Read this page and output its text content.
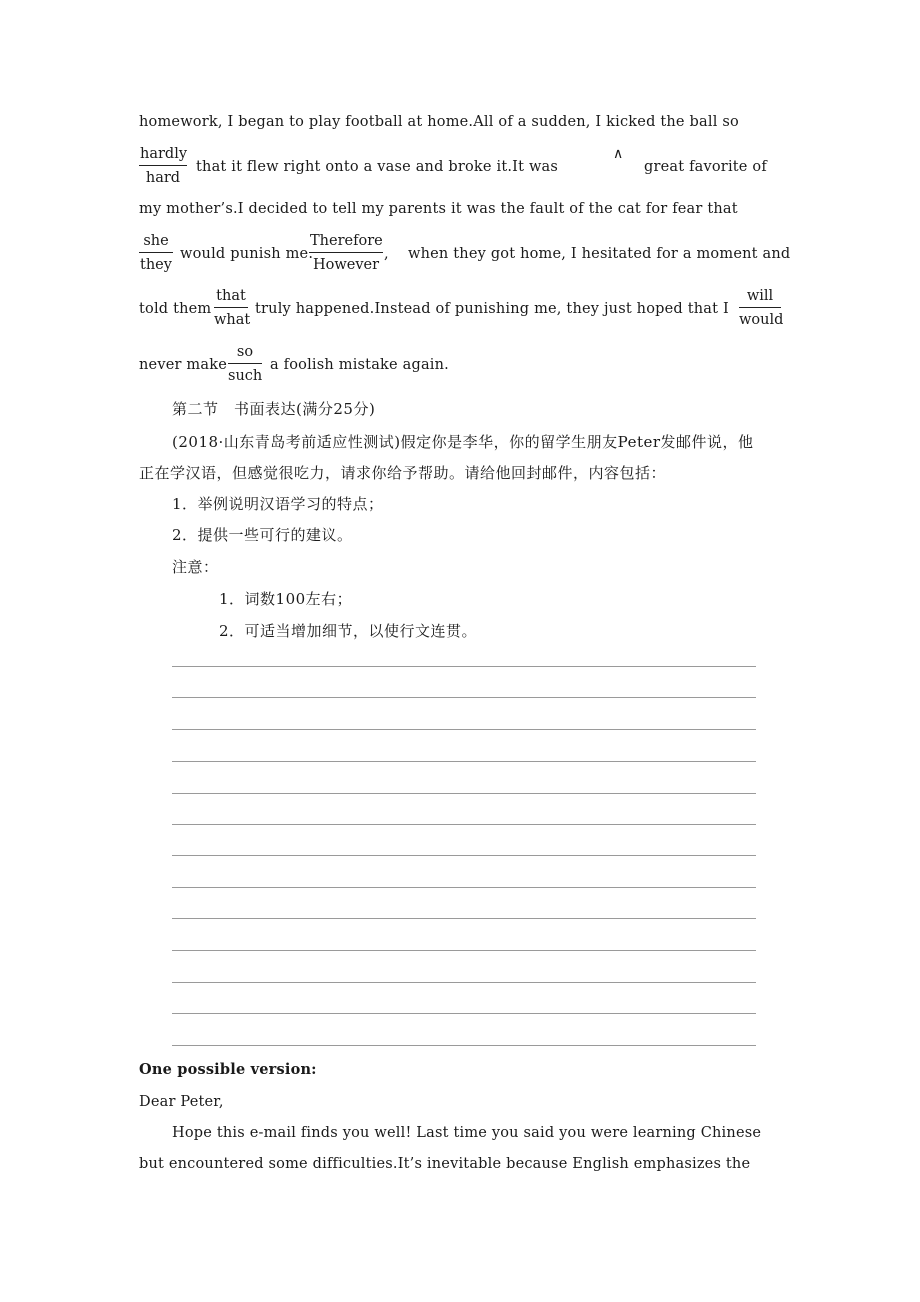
homework, I began to play football at home.All of a sudden, I kicked the ball so
hardly
hard
that it flew right onto a vase and broke it.It was
∧
great favorite of
my mother’s.I decided to tell my parents it was the fault of the cat for fear that
she
they
would punish me.
Therefore
However
, when they got home, I hesitated for a moment and
told them
that
what
truly happened.Instead of punishing me, they just hoped that I
will
would
never make
so
such
a foolish mistake again.
第二节　书面表达(满分25分)
(2018·山东青岛考前适应性测试)假定你是李华，你的留学生朋友Peter发邮件说，他
正在学汉语，但感觉很吃力，请求你给予帮助。请给他回封邮件，内容包括：
1．举例说明汉语学习的特点；
2．提供一些可行的建议。
注意：
1．词数100左右；
2．可适当增加细节，以使行文连贯。
One possible version:
Dear Peter,
Hope this e-mail finds you well! Last time you said you were learning Chinese
but encountered some difficulties.It’s inevitable because English emphasizes the
